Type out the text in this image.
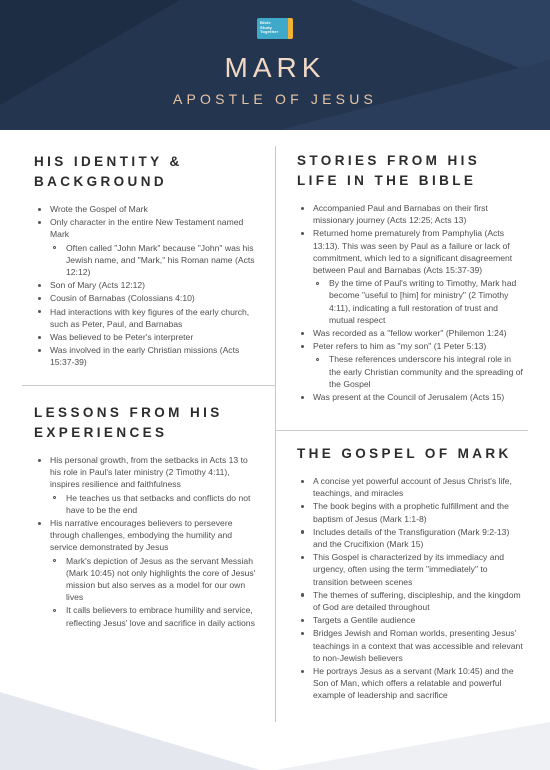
Bible
Study
Together
MARK
APOSTLE OF JESUS
HIS IDENTITY & BACKGROUND
Wrote the Gospel of Mark
Only character in the entire New Testament named Mark
Often called "John Mark" because "John" was his Jewish name, and "Mark," his Roman name (Acts 12:12)
Son of Mary (Acts 12:12)
Cousin of Barnabas (Colossians 4:10)
Had interactions with key figures of the early church, such as Peter, Paul, and Barnabas
Was believed to be Peter's interpreter
Was involved in the early Christian missions (Acts 15:37-39)
LESSONS FROM HIS EXPERIENCES
His personal growth, from the setbacks in Acts 13 to his role in Paul's later ministry (2 Timothy 4:11), inspires resilience and faithfulness
He teaches us that setbacks and conflicts do not have to be the end
His narrative encourages believers to persevere through challenges, embodying the humility and service demonstrated by Jesus
Mark's depiction of Jesus as the servant Messiah (Mark 10:45) not only highlights the core of Jesus' mission but also serves as a model for our own lives
It calls believers to embrace humility and service, reflecting Jesus' love and sacrifice in daily actions
STORIES FROM HIS LIFE IN THE BIBLE
Accompanied Paul and Barnabas on their first missionary journey (Acts 12:25; Acts 13)
Returned home prematurely from Pamphylia (Acts 13:13). This was seen by Paul as a failure or lack of commitment, which led to a significant disagreement between Paul and Barnabas (Acts 15:37-39)
By the time of Paul's writing to Timothy, Mark had become "useful to [him] for ministry" (2 Timothy 4:11), indicating a full restoration of trust and mutual respect
Was recorded as a "fellow worker" (Philemon 1:24)
Peter refers to him as "my son" (1 Peter 5:13)
These references underscore his integral role in the early Christian community and the spreading of the Gospel
Was present at the Council of Jerusalem (Acts 15)
THE GOSPEL OF MARK
A concise yet powerful account of Jesus Christ's life, teachings, and miracles
The book begins with a prophetic fulfillment and the baptism of Jesus (Mark 1:1-8)
Includes details of the Transfiguration (Mark 9:2-13) and the Crucifixion (Mark 15)
This Gospel is characterized by its immediacy and urgency, often using the term "immediately" to transition between scenes
The themes of suffering, discipleship, and the kingdom of God are detailed throughout
Targets a Gentile audience
Bridges Jewish and Roman worlds, presenting Jesus' teachings in a context that was accessible and relevant to non-Jewish believers
He portrays Jesus as a servant (Mark 10:45) and the Son of Man, which offers a relatable and powerful example of leadership and sacrifice
